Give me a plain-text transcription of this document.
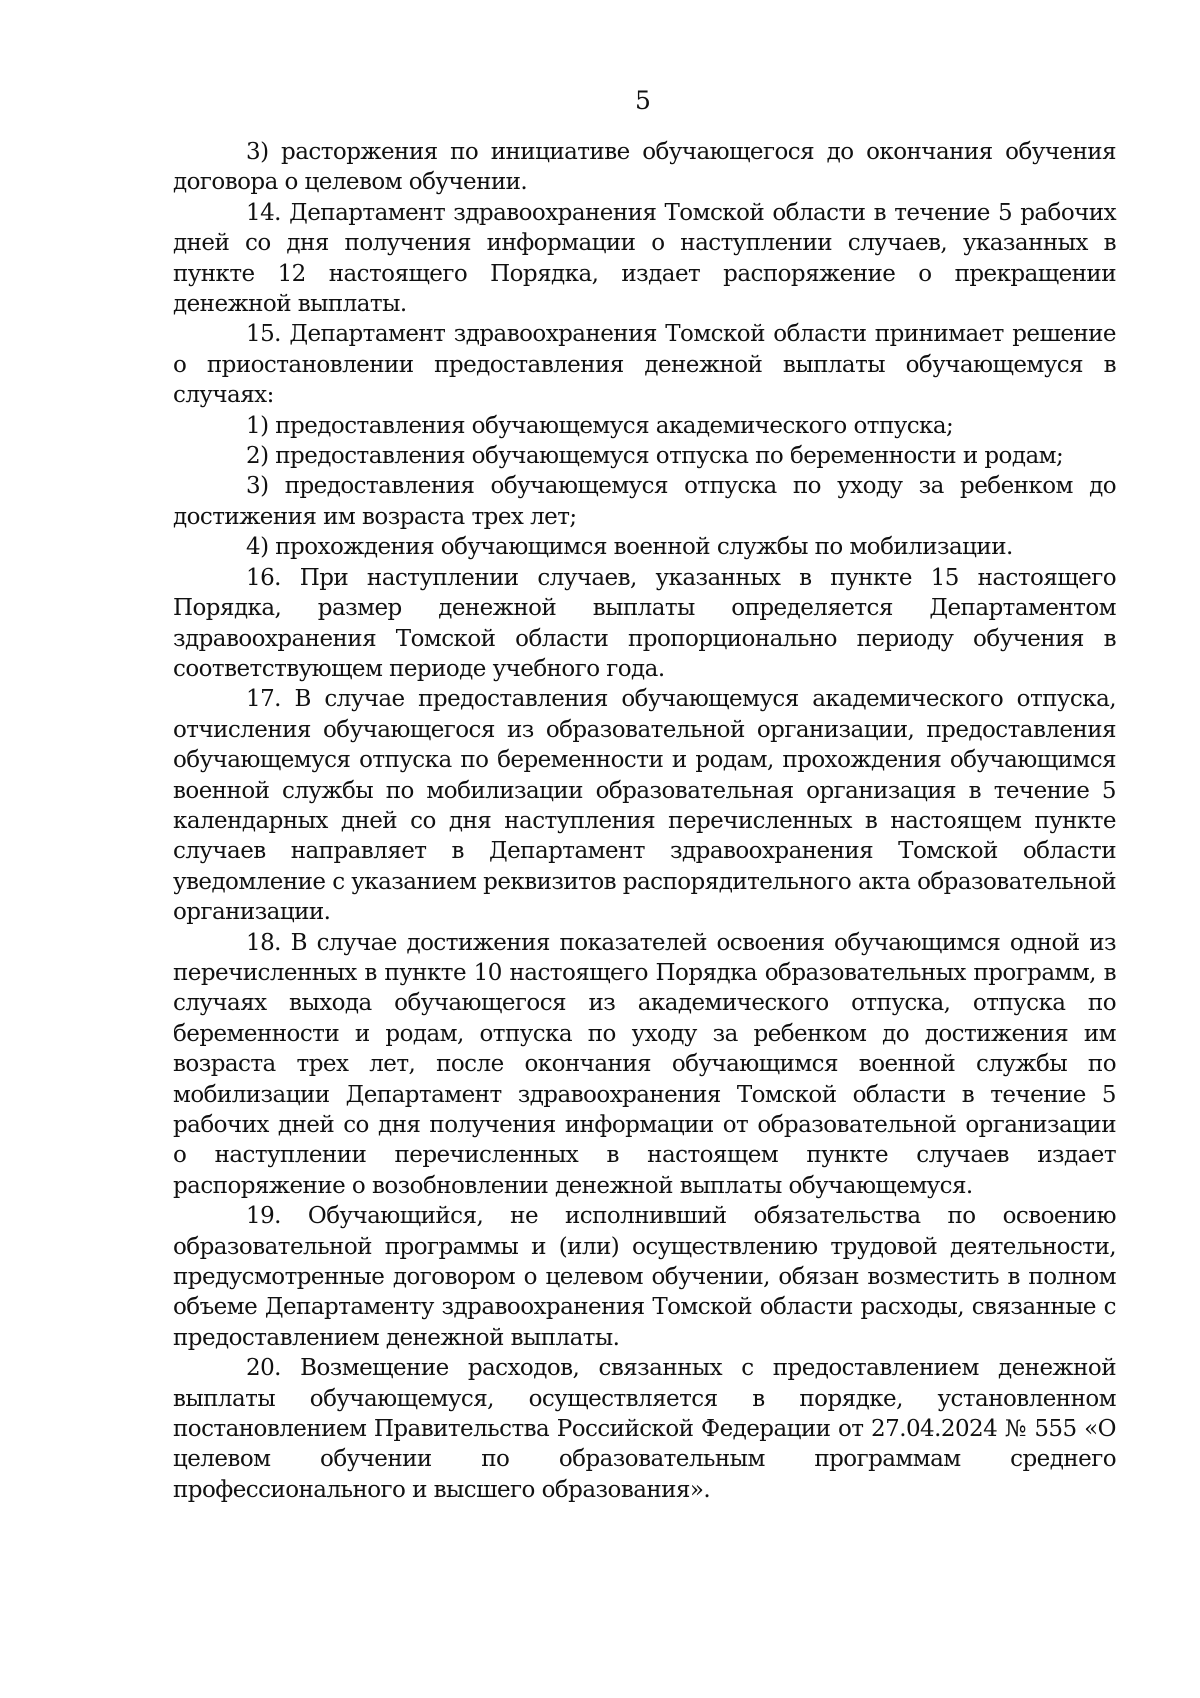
5

3) расторжения по инициативе обучающегося до окончания обучения договора о целевом обучении.

14. Департамент здравоохранения Томской области в течение 5 рабочих дней со дня получения информации о наступлении случаев, указанных в пункте 12 настоящего Порядка, издает распоряжение о прекращении денежной выплаты.

15. Департамент здравоохранения Томской области принимает решение о приостановлении предоставления денежной выплаты обучающемуся в случаях:

1) предоставления обучающемуся академического отпуска;

2) предоставления обучающемуся отпуска по беременности и родам;

3) предоставления обучающемуся отпуска по уходу за ребенком до достижения им возраста трех лет;

4) прохождения обучающимся военной службы по мобилизации.

16. При наступлении случаев, указанных в пункте 15 настоящего Порядка, размер денежной выплаты определяется Департаментом здравоохранения Томской области пропорционально периоду обучения в соответствующем периоде учебного года.

17. В случае предоставления обучающемуся академического отпуска, отчисления обучающегося из образовательной организации, предоставления обучающемуся отпуска по беременности и родам, прохождения обучающимся военной службы по мобилизации образовательная организация в течение 5 календарных дней со дня наступления перечисленных в настоящем пункте случаев направляет в Департамент здравоохранения Томской области уведомление с указанием реквизитов распорядительного акта образовательной организации.

18. В случае достижения показателей освоения обучающимся одной из перечисленных в пункте 10 настоящего Порядка образовательных программ, в случаях выхода обучающегося из академического отпуска, отпуска по беременности и родам, отпуска по уходу за ребенком до достижения им возраста трех лет, после окончания обучающимся военной службы по мобилизации Департамент здравоохранения Томской области в течение 5 рабочих дней со дня получения информации от образовательной организации о наступлении перечисленных в настоящем пункте случаев издает распоряжение о возобновлении денежной выплаты обучающемуся.

19. Обучающийся, не исполнивший обязательства по освоению образовательной программы и (или) осуществлению трудовой деятельности, предусмотренные договором о целевом обучении, обязан возместить в полном объеме Департаменту здравоохранения Томской области расходы, связанные с предоставлением денежной выплаты.

20. Возмещение расходов, связанных с предоставлением денежной выплаты обучающемуся, осуществляется в порядке, установленном постановлением Правительства Российской Федерации от 27.04.2024 № 555 «О целевом обучении по образовательным программам среднего профессионального и высшего образования».
